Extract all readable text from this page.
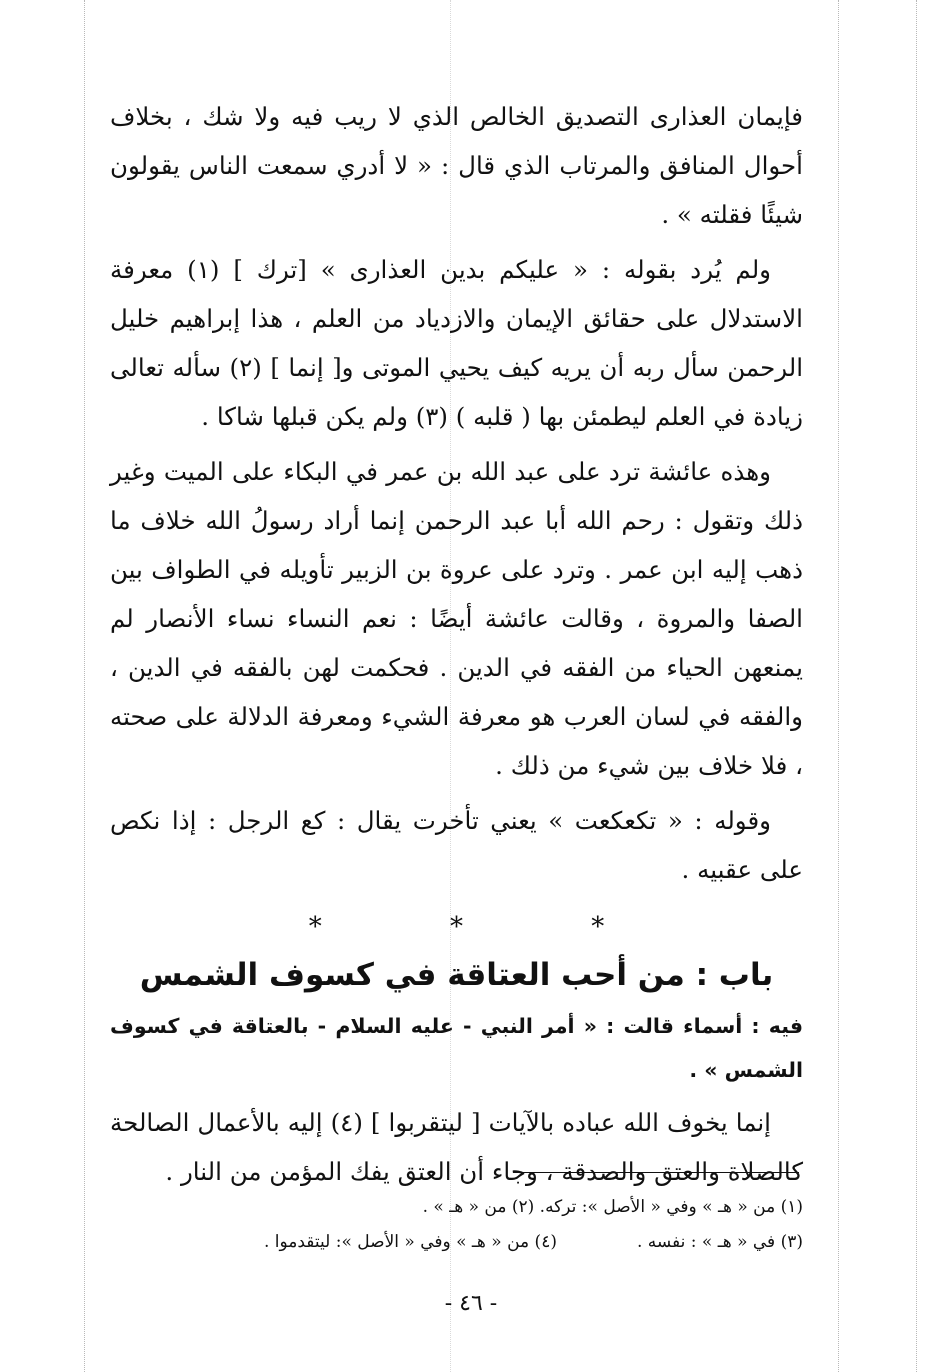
فإيمان العذارى التصديق الخالص الذي لا ريب فيه ولا شك ، بخلاف أحوال المنافق والمرتاب الذي قال : « لا أدري سمعت الناس يقولون شيئًا فقلته » .

ولم يُرد بقوله : « عليكم بدين العذارى » [ترك ] (١) معرفة الاستدلال على حقائق الإيمان والازدياد من العلم ، هذا إبراهيم خليل الرحمن سأل ربه أن يريه كيف يحيي الموتى و[ إنما ] (٢) سأله تعالى زيادة في العلم ليطمئن بها ( قلبه ) (٣) ولم يكن قبلها شاكا .

وهذه عائشة ترد على عبد الله بن عمر في البكاء على الميت وغير ذلك وتقول : رحم الله أبا عبد الرحمن إنما أراد رسولُ الله خلاف ما ذهب إليه ابن عمر . وترد على عروة بن الزبير تأويله في الطواف بين الصفا والمروة ، وقالت عائشة أيضًا : نعم النساء نساء الأنصار لم يمنعهن الحياء من الفقه في الدين . فحكمت لهن بالفقه في الدين ، والفقه في لسان العرب هو معرفة الشيء ومعرفة الدلالة على صحته ، فلا خلاف بين شيء من ذلك .

وقوله : « تكعكعت » يعني تأخرت يقال : كع الرجل : إذا نكص على عقبيه .

* * *
باب : من أحب العتاقة في كسوف الشمس
فيه : أسماء قالت : « أمر النبي - عليه السلام - بالعتاقة في كسوف الشمس » .

إنما يخوف الله عباده بالآيات [ ليتقربوا ] (٤) إليه بالأعمال الصالحة كالصلاة والعتق والصدقة ، وجاء أن العتق يفك المؤمن من النار .

(١) من « هـ » وفي « الأصل »: تركه. (٢) من « هـ » .
(٣) في « هـ » : نفسه .(٤) من « هـ » وفي « الأصل »: ليتقدموا .
- ٤٦ -
